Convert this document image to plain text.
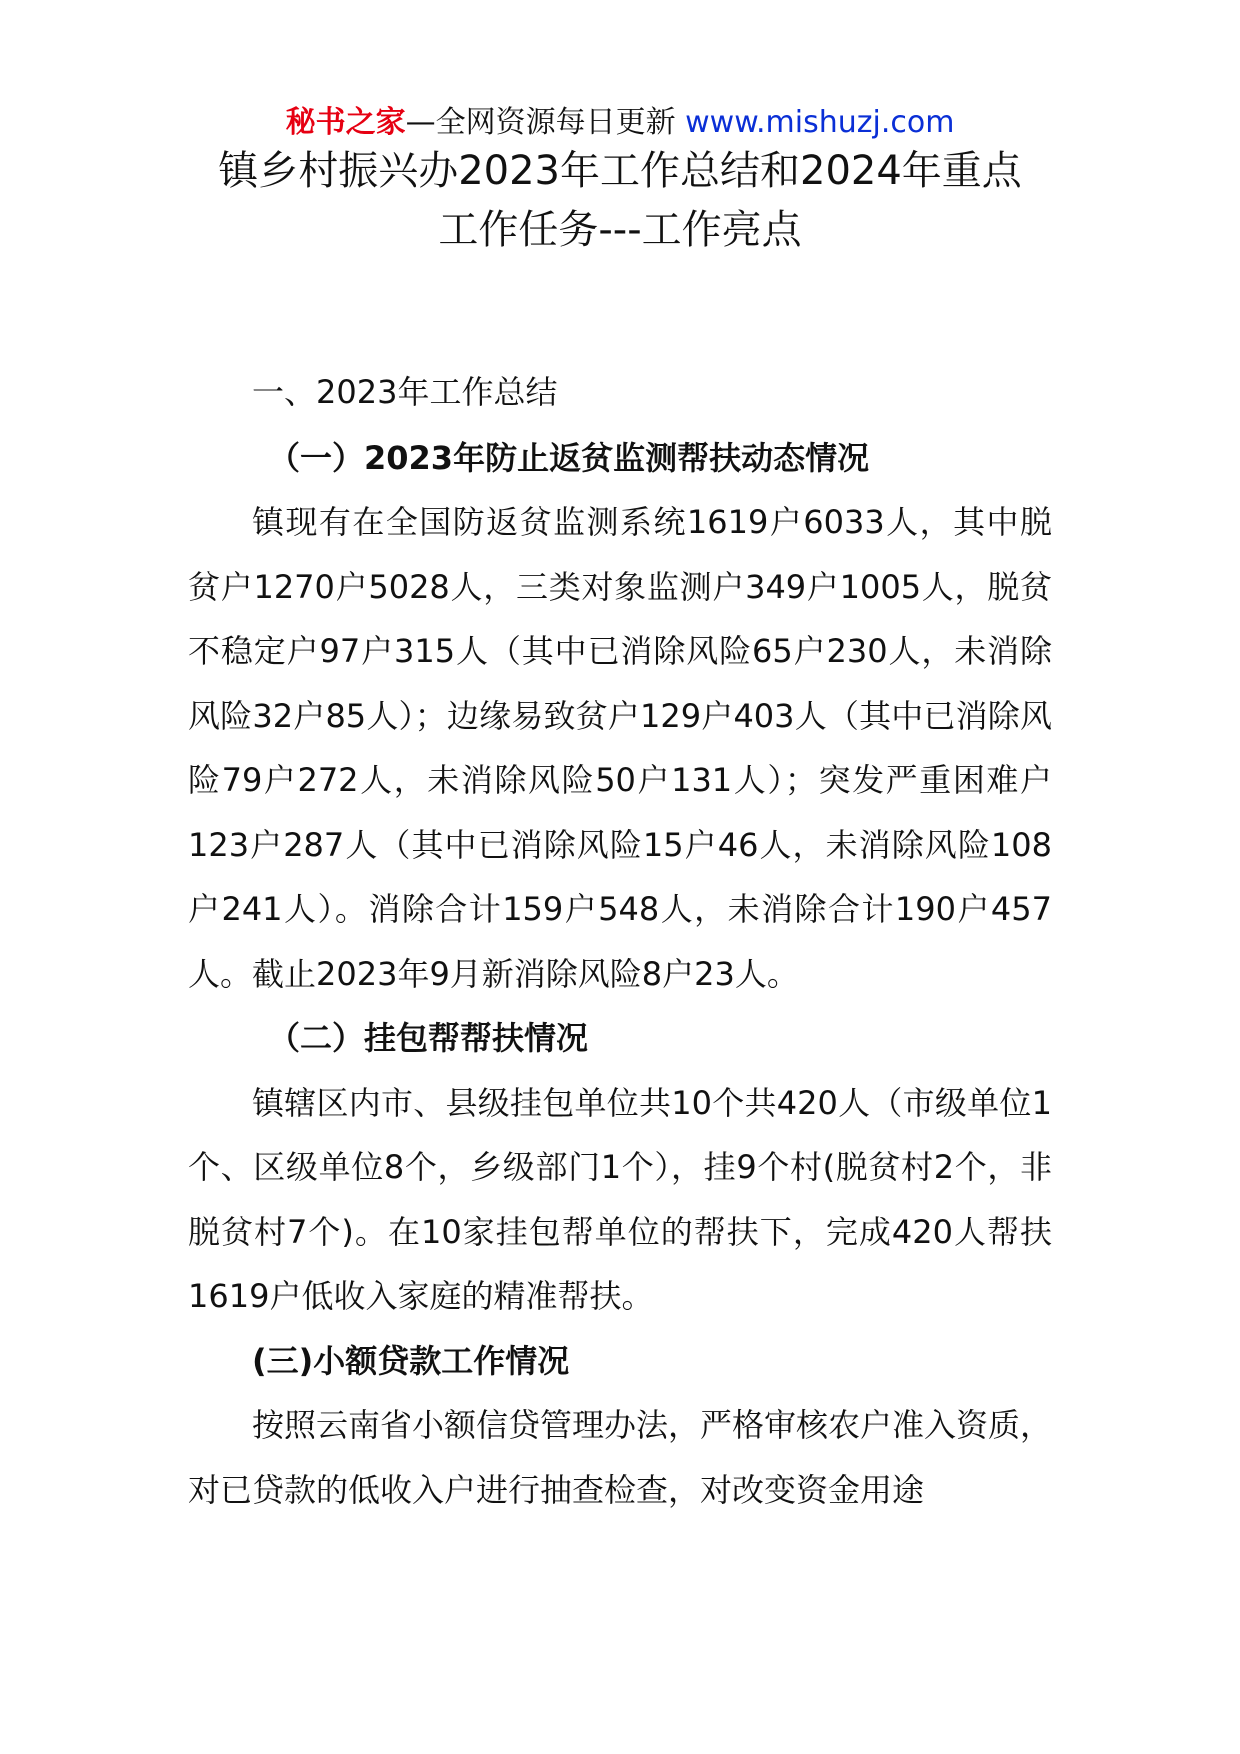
秘书之家—全网资源每日更新 www.mishuzj.com
镇乡村振兴办2023年工作总结和2024年重点
工作任务---工作亮点

一、2023年工作总结

（一）2023年防止返贫监测帮扶动态情况

镇现有在全国防返贫监测系统1619户6033人，其中脱贫户1270户5028人，三类对象监测户349户1005人，脱贫不稳定户97户315人（其中已消除风险65户230人，未消除风险32户85人）；边缘易致贫户129户403人（其中已消除风险79户272人，未消除风险50户131人）；突发严重困难户123户287人（其中已消除风险15户46人，未消除风险108户241人）。消除合计159户548人，未消除合计190户457人。截止2023年9月新消除风险8户23人。

（二）挂包帮帮扶情况

镇辖区内市、县级挂包单位共10个共420人（市级单位1个、区级单位8个，乡级部门1个），挂9个村(脱贫村2个，非脱贫村7个)。在10家挂包帮单位的帮扶下，完成420人帮扶1619户低收入家庭的精准帮扶。

(三)小额贷款工作情况

按照云南省小额信贷管理办法，严格审核农户准入资质，对已贷款的低收入户进行抽查检查，对改变资金用途
